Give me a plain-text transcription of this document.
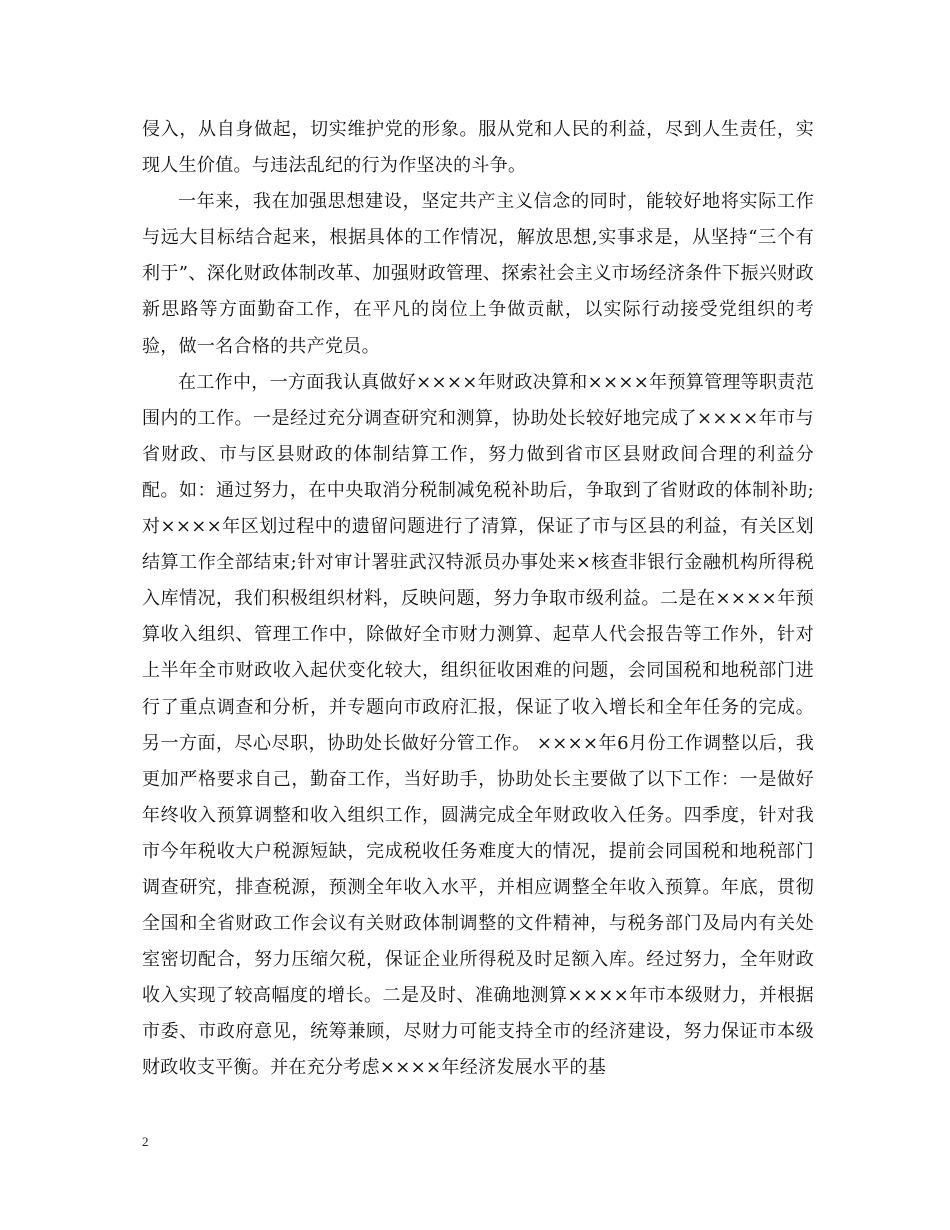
侵入，从自身做起，切实维护党的形象。服从党和人民的利益，尽到人生责任，实现人生价值。与违法乱纪的行为作坚决的斗争。

一年来，我在加强思想建设，坚定共产主义信念的同时，能较好地将实际工作与远大目标结合起来，根据具体的工作情况，解放思想,实事求是，从坚持“三个有利于”、深化财政体制改革、加强财政管理、探索社会主义市场经济条件下振兴财政新思路等方面勤奋工作，在平凡的岗位上争做贡献，以实际行动接受党组织的考验，做一名合格的共产党员。

在工作中，一方面我认真做好××××年财政决算和××××年预算管理等职责范围内的工作。一是经过充分调查研究和测算，协助处长较好地完成了××××年市与省财政、市与区县财政的体制结算工作，努力做到省市区县财政间合理的利益分配。如：通过努力，在中央取消分税制减免税补助后，争取到了省财政的体制补助;对××××年区划过程中的遗留问题进行了清算，保证了市与区县的利益，有关区划结算工作全部结束;针对审计署驻武汉特派员办事处来×核查非银行金融机构所得税入库情况，我们积极组织材料，反映问题，努力争取市级利益。二是在××××年预算收入组织、管理工作中，除做好全市财力测算、起草人代会报告等工作外，针对上半年全市财政收入起伏变化较大，组织征收困难的问题，会同国税和地税部门进行了重点调查和分析，并专题向市政府汇报，保证了收入增长和全年任务的完成。 另一方面，尽心尽职，协助处长做好分管工作。 ××××年6月份工作调整以后，我更加严格要求自己，勤奋工作，当好助手，协助处长主要做了以下工作：一是做好年终收入预算调整和收入组织工作，圆满完成全年财政收入任务。四季度，针对我市今年税收大户税源短缺，完成税收任务难度大的情况，提前会同国税和地税部门调查研究，排查税源，预测全年收入水平，并相应调整全年收入预算。年底，贯彻全国和全省财政工作会议有关财政体制调整的文件精神，与税务部门及局内有关处室密切配合，努力压缩欠税，保证企业所得税及时足额入库。经过努力，全年财政收入实现了较高幅度的增长。二是及时、准确地测算××××年市本级财力，并根据市委、市政府意见，统筹兼顾，尽财力可能支持全市的经济建设，努力保证市本级财政收支平衡。并在充分考虑××××年经济发展水平的基

2
